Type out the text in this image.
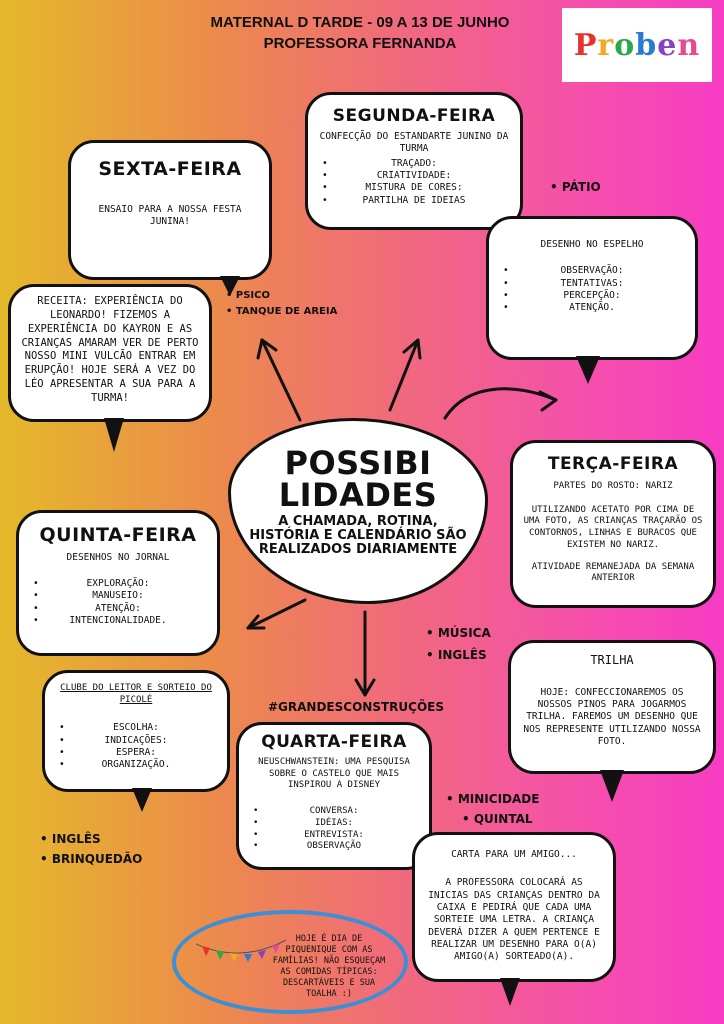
MATERNAL D TARDE - 09 A 13 DE JUNHO
PROFESSORA FERNANDA	Proben
SEGUNDA-FEIRA
CONFECÇÃO DO ESTANDARTE JUNINO DA TURMA
• TRAÇADO:
• CRIATIVIDADE:
• MISTURA DE CORES:
• PARTILHA DE IDEIAS
DESENHO NO ESPELHO
• OBSERVAÇÃO:
• TENTATIVAS:
• PERCEPÇÃO:
• ATENÇÃO.
SEXTA-FEIRA
ENSAIO PARA A NOSSA FESTA JUNINA!
RECEITA: EXPERIÊNCIA DO LEONARDO! FIZEMOS A EXPERIÊNCIA DO KAYRON E AS CRIANÇAS AMARAM VER DE PERTO NOSSO MINI VULCÃO ENTRAR EM ERUPÇÃO! HOJE SERÁ A VEZ DO LÉO APRESENTAR A SUA PARA A TURMA!
POSSIBI
LIDADES
A CHAMADA, ROTINA, HISTÓRIA E CALENDÁRIO SÃO REALIZADOS DIARIAMENTE
TERÇA-FEIRA
PARTES DO ROSTO: NARIZ
UTILIZANDO ACETATO POR CIMA DE UMA FOTO, AS CRIANÇAS TRAÇARÃO OS CONTORNOS, LINHAS E BURACOS QUE EXISTEM NO NARIZ.
ATIVIDADE REMANEJADA DA SEMANA ANTERIOR
QUINTA-FEIRA
DESENHOS NO JORNAL
• EXPLORAÇÃO:
• MANUSEIO:
• ATENÇÃO:
• INTENCIONALIDADE.
CLUBE DO LEITOR E SORTEIO DO PICOLÉ
• ESCOLHA:
• INDICAÇÕES:
• ESPERA:
• ORGANIZAÇÃO.
TRILHA
HOJE: CONFECCIONAREMOS OS NOSSOS PINOS PARA JOGARMOS TRILHA. FAREMOS UM DESENHO QUE NOS REPRESENTE UTILIZANDO NOSSA FOTO.
#GRANDESCONSTRUÇÕES
QUARTA-FEIRA
NEUSCHWANSTEIN: UMA PESQUISA SOBRE O CASTELO QUE MAIS INSPIROU A DISNEY
• CONVERSA:
• IDÉIAS:
• ENTREVISTA:
• OBSERVAÇÃO
CARTA PARA UM AMIGO...
A PROFESSORA COLOCARÁ AS INICIAS DAS CRIANÇAS DENTRO DA CAIXA E PEDIRÁ QUE CADA UMA SORTEIE UMA LETRA. A CRIANÇA DEVERÁ DIZER A QUEM PERTENCE E REALIZAR UM DESENHO PARA O(A) AMIGO(A) SORTEADO(A).
HOJE É DIA DE PIQUENIQUE COM AS FAMÍLIAS! NÃO ESQUEÇAM AS COMIDAS TÍPICAS: DESCARTÁVEIS E SUA TOALHA :)
• PÁTIO
• PSICO
• TANQUE DE AREIA
• MÚSICA
• INGLÊS
• MINICIDADE
• QUINTAL
• INGLÊS
• BRINQUEDÃO
